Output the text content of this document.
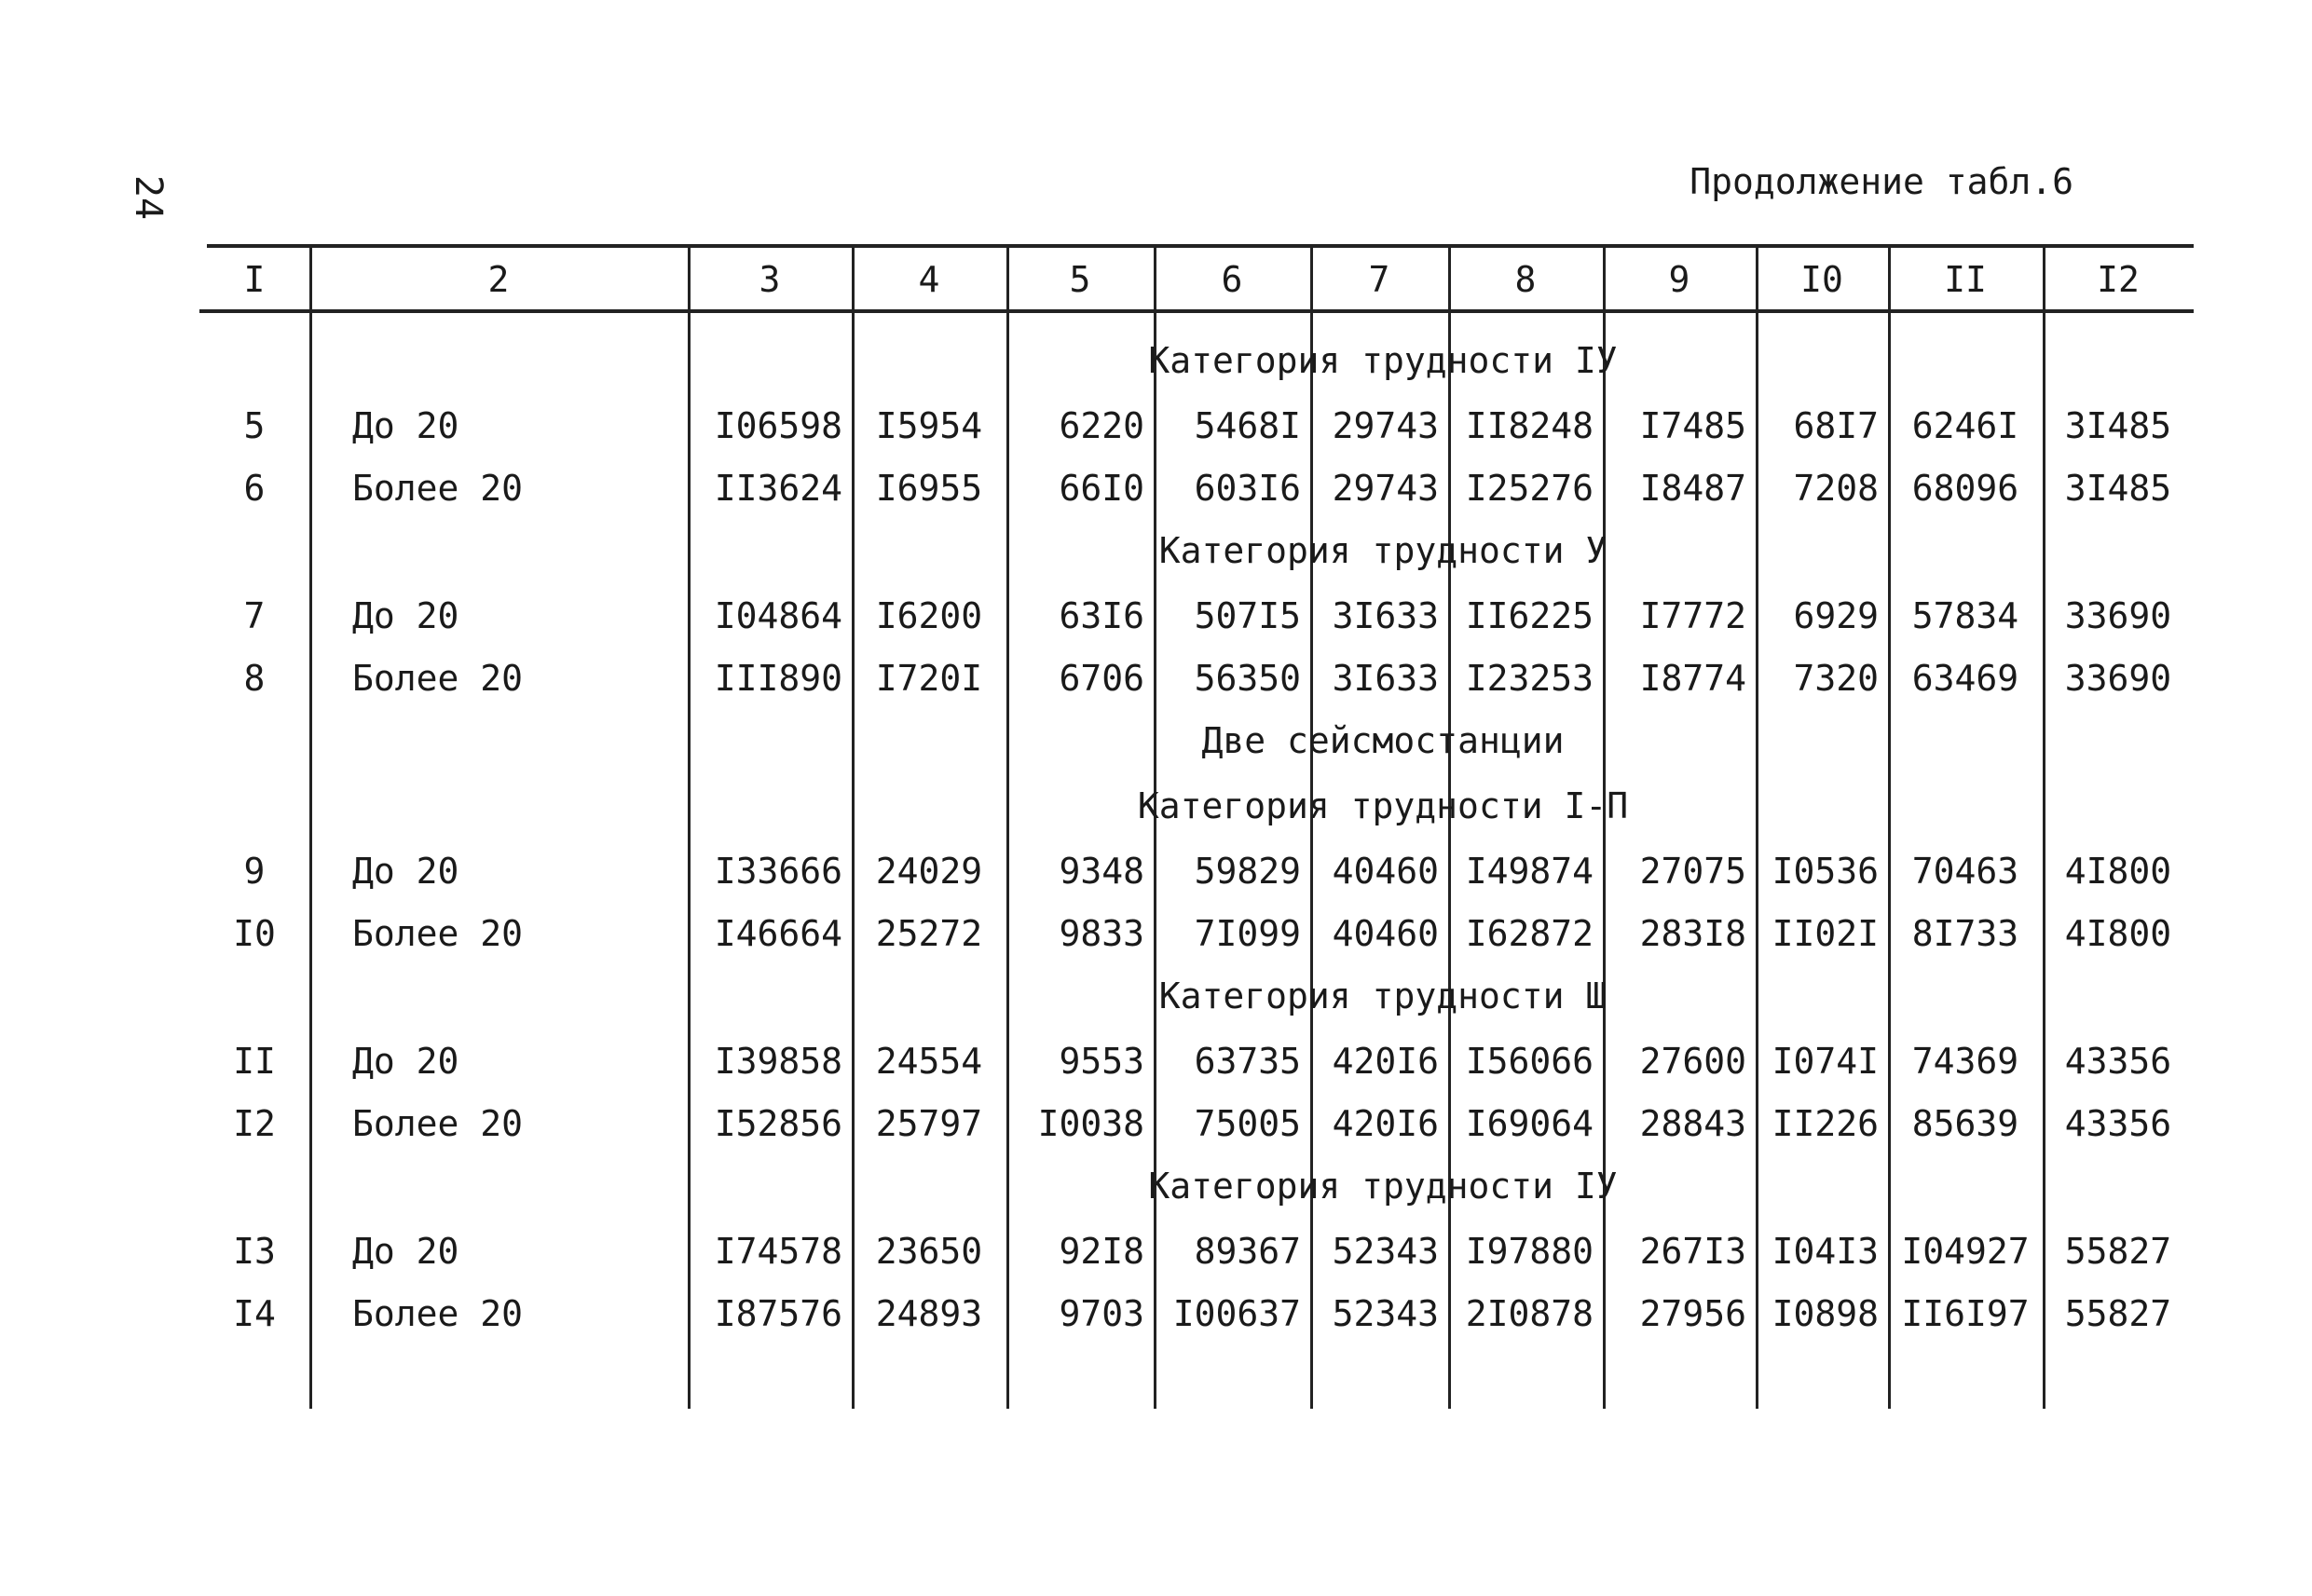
24	Продолжение табл.6
I	2	3	4	5	6	7	8	9	I0	II	I2
Категория трудности IУ
5	До 20	I06598 I5954	6220	5468I 29743 II8248	I7485	68I7 6246I	3I485
6	Более 20	II3624 I6955	66I0	603I6 29743 I25276	I8487	7208 68096	3I485
Категория трудности У
7	До 20	I04864 I6200	63I6	507I5 3I633 II6225	I7772	6929 57834	33690
8	Более 20	III890 I720I	6706	56350 3I633 I23253	I8774	7320 63469	33690
Две сейсмостанции
Категория трудности I-П
9	До 20	I33666 24029	9348	59829 40460 I49874	27075 I0536 70463	4I800
I0	Более 20	I46664 25272	9833	7I099 40460 I62872	283I8 II02I 8I733	4I800
Категория трудности Ш
II	До 20	I39858 24554	9553	63735 420I6 I56066	27600 I074I 74369	43356
I2	Более 20	I52856 25797	I0038	75005 420I6 I69064	28843 II226 85639	43356
Категория трудности IУ
I3	До 20	I74578 23650	92I8	89367 52343 I97880	267I3 I04I3 I04927	55827
I4	Более 20	I87576 24893	9703 I00637 52343 2I0878	27956 I0898 II6I97	55827
